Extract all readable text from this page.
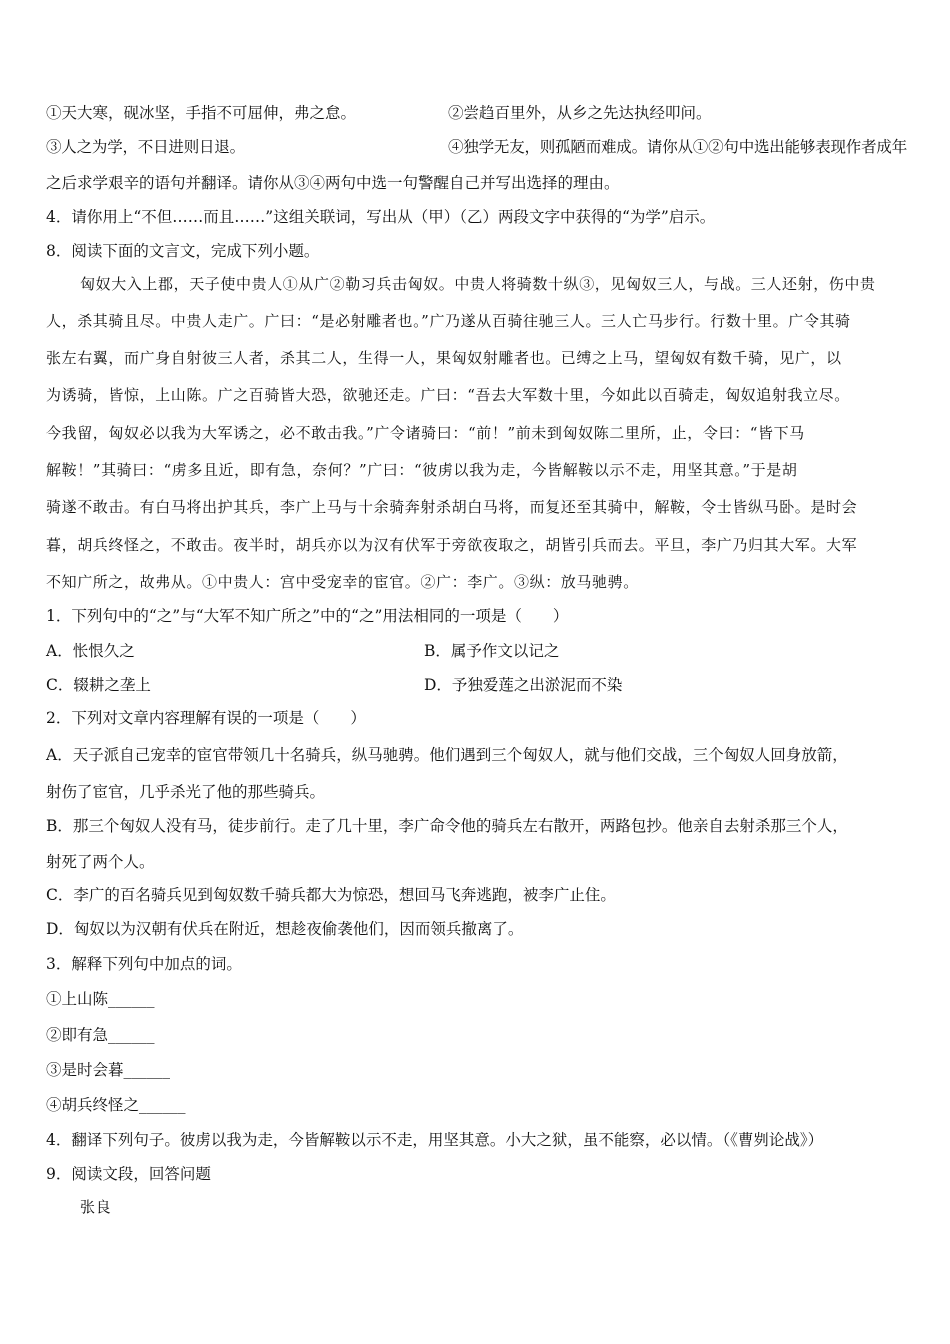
①天大寒，砚冰坚，手指不可屈伸，弗之怠。	②尝趋百里外，从乡之先达执经叩问。
③人之为学，不日进则日退。	④独学无友，则孤陋而难成。请你从①②句中选出能够表现作者成年
之后求学艰辛的语句并翻译。请你从③④两句中选一句警醒自己并写出选择的理由。
4．请你用上“不但……而且……”这组关联词，写出从（甲）（乙）两段文字中获得的“为学”启示。
8．阅读下面的文言文，完成下列小题。
匈奴大入上郡，天子使中贵人①从广②勒习兵击匈奴。中贵人将骑数十纵③，见匈奴三人，与战。三人还射，伤中贵
人，杀其骑且尽。中贵人走广。广曰：“是必射雕者也。”广乃遂从百骑往驰三人。三人亡马步行。行数十里。广令其骑
张左右翼，而广身自射彼三人者，杀其二人，生得一人，果匈奴射雕者也。已缚之上马，望匈奴有数千骑，见广，以
为诱骑，皆惊，上山陈。广之百骑皆大恐，欲驰还走。广曰：“吾去大军数十里，今如此以百骑走，匈奴追射我立尽。
今我留，匈奴必以我为大军诱之，必不敢击我。”广令诸骑曰：“前！”前未到匈奴陈二里所，止，令曰：“皆下马
解鞍！”其骑曰：“虏多且近，即有急，奈何？”广曰：“彼虏以我为走，今皆解鞍以示不走，用坚其意。”于是胡
骑遂不敢击。有白马将出护其兵，李广上马与十余骑奔射杀胡白马将，而复还至其骑中，解鞍，令士皆纵马卧。是时会
暮，胡兵终怪之，不敢击。夜半时，胡兵亦以为汉有伏军于旁欲夜取之，胡皆引兵而去。平旦，李广乃归其大军。大军
不知广所之，故弗从。①中贵人：宫中受宠幸的宦官。②广：李广。③纵：放马驰骋。
1．下列句中的“之”与“大军不知广所之”中的“之”用法相同的一项是（　　）
A．怅恨久之	B．属予作文以记之
C．辍耕之垄上	D．予独爱莲之出淤泥而不染
2．下列对文章内容理解有误的一项是（　　）
A．天子派自己宠幸的宦官带领几十名骑兵，纵马驰骋。他们遇到三个匈奴人，就与他们交战，三个匈奴人回身放箭，
射伤了宦官，几乎杀光了他的那些骑兵。
B．那三个匈奴人没有马，徒步前行。走了几十里，李广命令他的骑兵左右散开，两路包抄。他亲自去射杀那三个人，
射死了两个人。
C．李广的百名骑兵见到匈奴数千骑兵都大为惊恐，想回马飞奔逃跑，被李广止住。
D．匈奴以为汉朝有伏兵在附近，想趁夜偷袭他们，因而领兵撤离了。
3．解释下列句中加点的词。
①上山陈______
②即有急______
③是时会暮______
④胡兵终怪之______
4．翻译下列句子。彼虏以我为走，今皆解鞍以示不走，用坚其意。小大之狱，虽不能察，必以情。（《曹刿论战》）
9．阅读文段，回答问题
张良
